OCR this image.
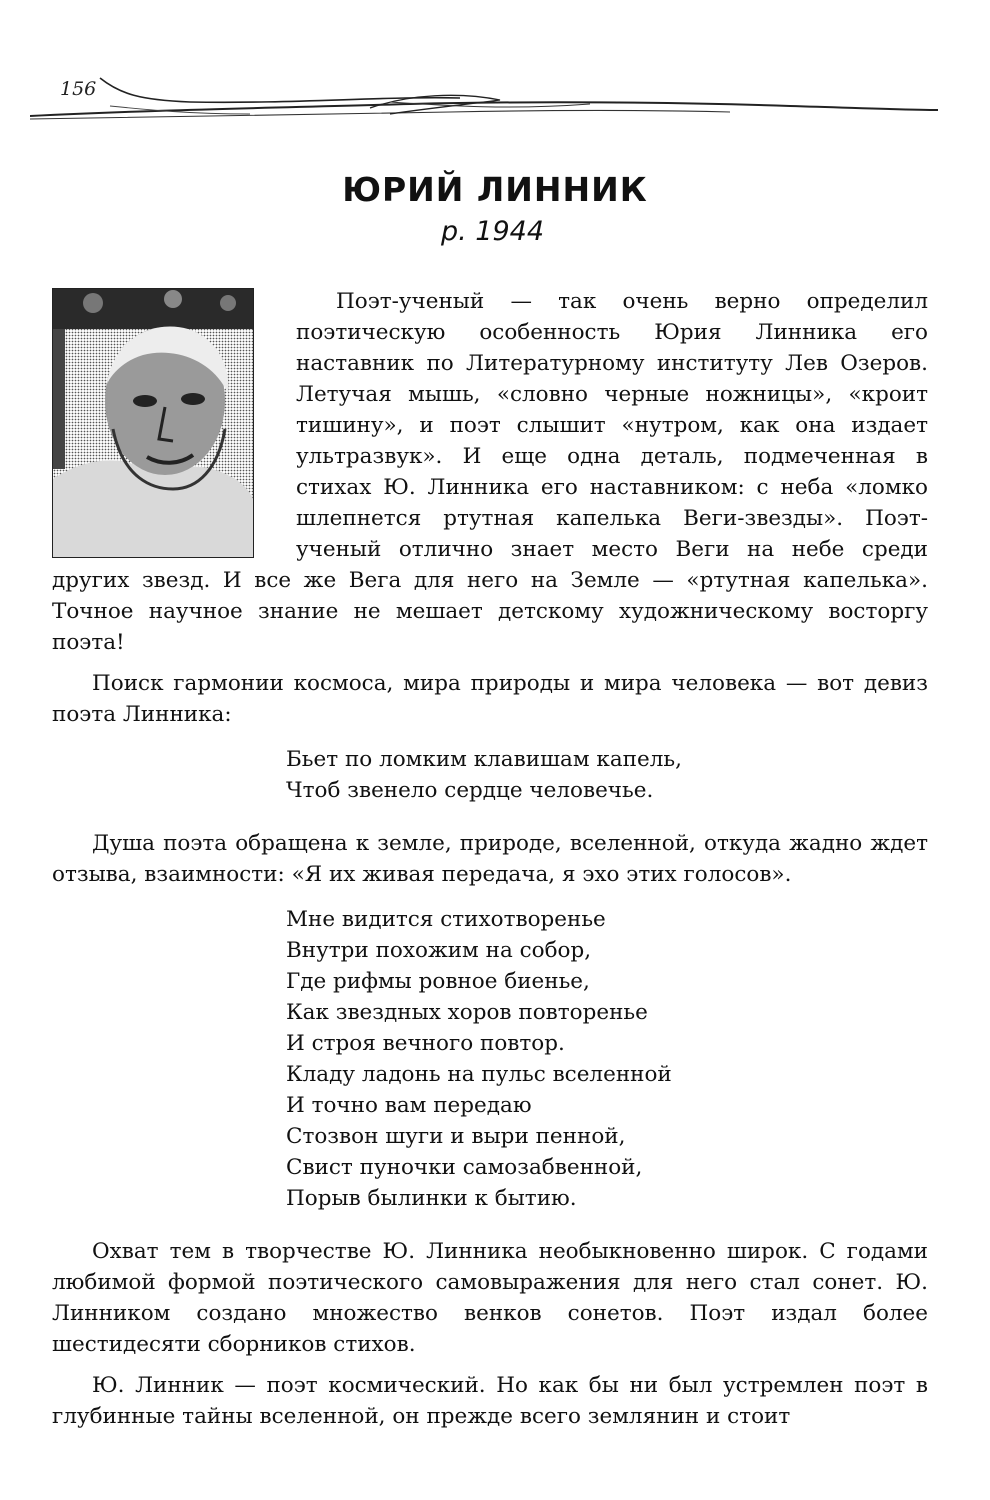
156
ЮРИЙ ЛИННИК
р. 1944

Поэт-ученый — так очень верно определил поэтическую особенность Юрия Линника его наставник по Литературному институту Лев Озеров. Летучая мышь, «словно черные ножницы», «кроит тишину», и поэт слышит «нутром, как она издает ультразвук». И еще одна деталь, подмеченная в стихах Ю. Линника его наставником: с неба «ломко шлепнется ртутная капелька Веги-звезды». Поэт-ученый отлично знает место Веги на небе среди других звезд. И все же Вега для него на Земле — «ртутная капелька». Точное научное знание не мешает детскому художническому восторгу поэта!

Поиск гармонии космоса, мира природы и мира человека — вот девиз поэта Линника:

Бьет по ломким клавишам капель,
Чтоб звенело сердце человечье.

Душа поэта обращена к земле, природе, вселенной, откуда жадно ждет отзыва, взаимности: «Я их живая передача, я эхо этих голосов».

Мне видится стихотворенье
Внутри похожим на собор,
Где рифмы ровное биенье,
Как звездных хоров повторенье
И строя вечного повтор.
Кладу ладонь на пульс вселенной
И точно вам передаю
Стозвон шуги и выри пенной,
Свист пуночки самозабвенной,
Порыв былинки к бытию.

Охват тем в творчестве Ю. Линника необыкновенно широк. С годами любимой формой поэтического самовыражения для него стал сонет. Ю. Линником создано множество венков сонетов. Поэт издал более шестидесяти сборников стихов.

Ю. Линник — поэт космический. Но как бы ни был устремлен поэт в глубинные тайны вселенной, он прежде всего землянин и стоит
